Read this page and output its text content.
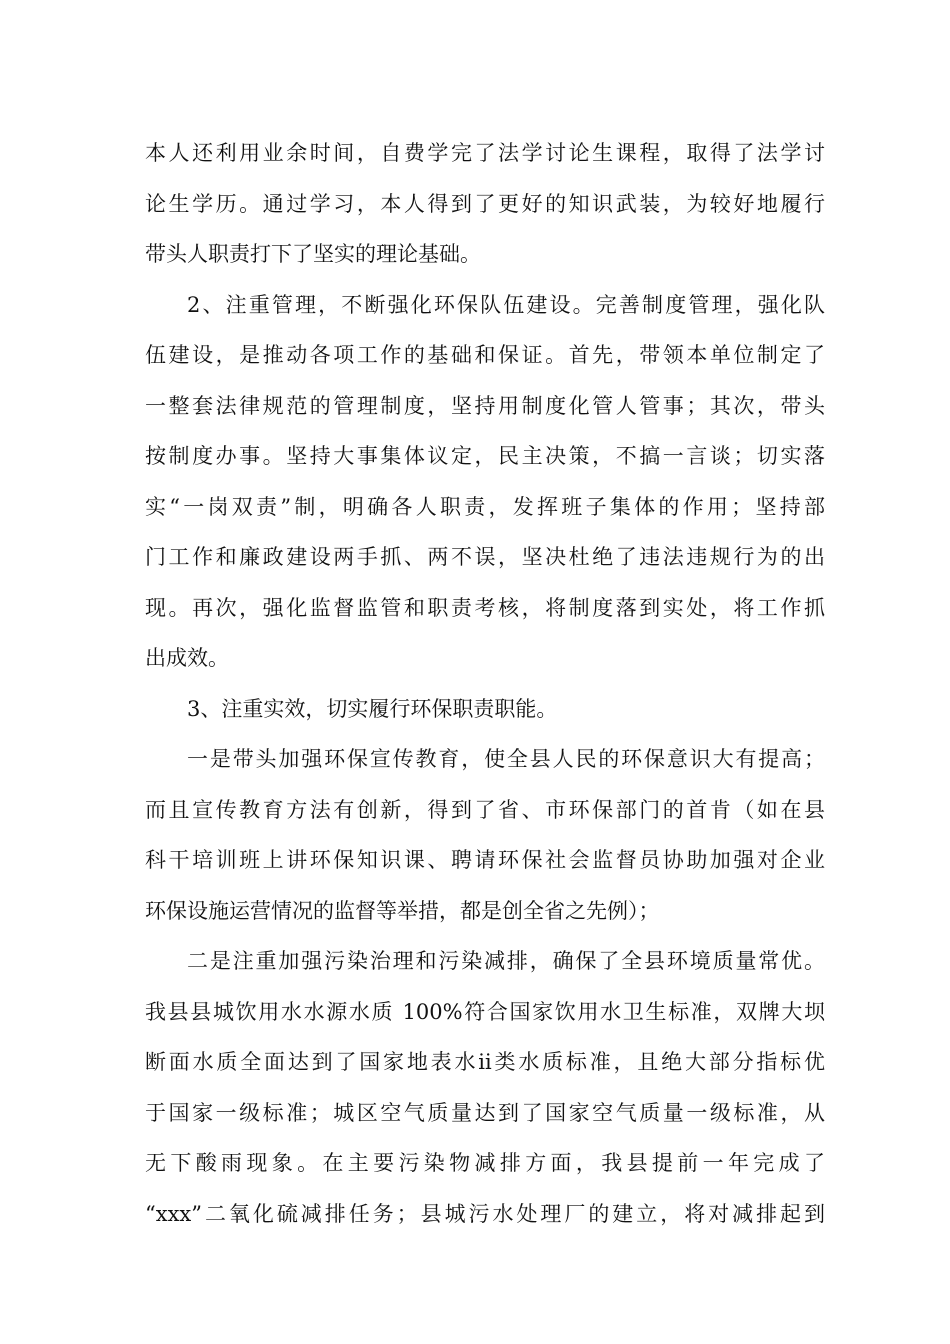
本人还利用业余时间，自费学完了法学讨论生课程，取得了法学讨
论生学历。通过学习，本人得到了更好的知识武装，为较好地履行
带头人职责打下了坚实的理论基础。
2、注重管理，不断强化环保队伍建设。完善制度管理，强化队
伍建设，是推动各项工作的基础和保证。首先，带领本单位制定了
一整套法律规范的管理制度，坚持用制度化管人管事；其次，带头
按制度办事。坚持大事集体议定，民主决策，不搞一言谈；切实落
实“一岗双责”制，明确各人职责，发挥班子集体的作用；坚持部
门工作和廉政建设两手抓、两不误，坚决杜绝了违法违规行为的出
现。再次，强化监督监管和职责考核，将制度落到实处，将工作抓
出成效。
3、注重实效，切实履行环保职责职能。
一是带头加强环保宣传教育，使全县人民的环保意识大有提高；
而且宣传教育方法有创新，得到了省、市环保部门的首肯（如在县
科干培训班上讲环保知识课、聘请环保社会监督员协助加强对企业
环保设施运营情况的监督等举措，都是创全省之先例）；
二是注重加强污染治理和污染减排，确保了全县环境质量常优。
我县县城饮用水水源水质 100%符合国家饮用水卫生标准，双牌大坝
断面水质全面达到了国家地表水ⅱ类水质标准，且绝大部分指标优
于国家一级标准；城区空气质量达到了国家空气质量一级标准，从
无下酸雨现象。在主要污染物减排方面，我县提前一年完成了
“xxx”二氧化硫减排任务；县城污水处理厂的建立，将对减排起到
